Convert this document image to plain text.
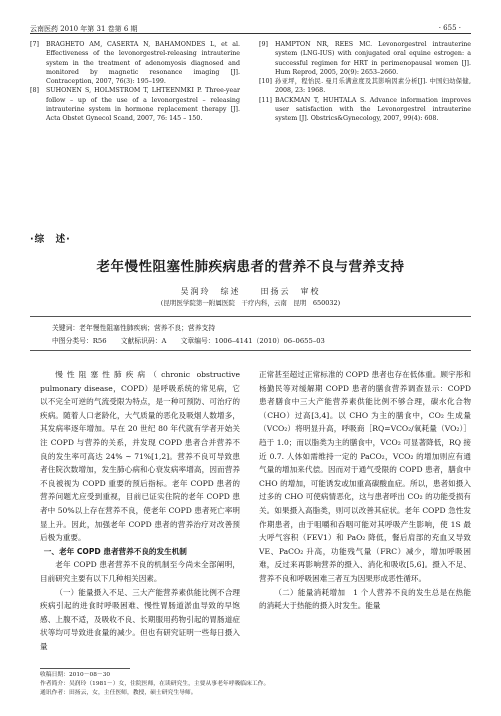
云南医药 2010 年第 31 卷第 6 期	· 655 ·
[7]	BRAGHETO AM, CASERTA N, BAHAMONDES L, et al. Effectiveness of the levonorgestrel-releasing intrauterine system in the treatment of adenomyosis diagnosed and monitored by magnetic resonance imaging [J]. Contraception, 2007, 76(3): 195–199.
[8]	SUHONEN S, HOLMSTROM T, LHTEENMKI P. Three-year follow – up of the use of a levonorgestrel – releasing intrauterine system in hormone replacement therapy [J]. Acta Obstet Gynecol Scand, 2007, 76: 145 – 150.
[9]	HAMPTON NR, REES MC. Levonorgestrel intrauterine system (LNG-IUS) with conjugated oral equine estrogen: a successful regimen for HRT in perimenopausal women [J]. Hum Reprod, 2005, 20(9): 2653–2660.
[10] 孙亚坪，程怡民. 曼月乐满意度及其影响因素分析[J]. 中国妇幼保健, 2008, 23: 1968.
[11] BACKMAN T, HUHTALA S. Advance information improves user satisfaction with the Levonorgestrel intrauterine system [J]. Obstrics&Gynecology, 2007, 99(4): 608.
·综　述·
老年慢性阻塞性肺疾病患者的营养不良与营养支持
吴润玲　综述　　田扬云　审校
(昆明医学院第一附属医院　干疗内科，云南　昆明　650032)
关键词：老年慢性阻塞性肺疾病；营养不良；营养支持
中图分类号：R56 文献标识码：A 文章编号：1006–4141（2010）06–0655–03

慢性阻塞性肺疾病（chronic obstructive pulmonary disease，COPD）是呼吸系统的常见病，它以不完全可逆的气流受限为特点，是一种可预防、可治疗的疾病。随着人口老龄化，大气质量的恶化及吸烟人数增多，其发病率逐年增加。早在 20 世纪 80 年代就有学者开始关注 COPD 与营养的关系，并发现 COPD 患者合并营养不良的发生率可高达 24% ~ 71%[1,2]。营养不良可导致患者住院次数增加，发生肺心病和心衰发病率增高，因而营养不良被视为 COPD 重要的预后指标。老年 COPD 患者的营养问题尤应受到重视，目前已证实住院的老年 COPD 患者中 50%以上存在营养不良，使老年 COPD 患者死亡率明显上升。因此，加强老年 COPD 患者的营养治疗对改善预后极为重要。

一、老年 COPD 患者营养不良的发生机制

老年 COPD 患者营养不良的机制至今尚未全部阐明，目前研究主要有以下几种相关因素。

（一）能量摄入不足、三大产能营养素供能比例不合理　疾病引起的进食时呼吸困难、慢性胃肠道淤血导致的早饱感、上腹不适，及吸收不良、长期服用药物引起的胃肠道症状等均可导致进食量的减少。但也有研究证明一些每日摄入量

正常甚至超过正常标准的 COPD 患者也存在低体重。顾宇彤和杨勤民等对缓解期 COPD 患者的膳食营养调查显示：COPD 患者膳食中三大产能营养素供能比例不够合理，碳水化合物（CHO）过高[3,4]。以 CHO 为主的膳食中，CO₂ 生成量（VCO₂）将明显升高，呼吸商［RQ=VCO₂/氧耗量（VO₂）］趋于 1.0；而以脂类为主的膳食中，VCO₂ 可显著降低，RQ 接近 0.7. 人体如需维持一定的 PaCO₂，VCO₂ 的增加则应有通气量的增加来代偿。因而对于通气受限的 COPD 患者，膳食中 CHO 的增加，可能诱发或加重高碳酸血症。所以，患者如摄入过多的 CHO 可使病情恶化，这与患者呼出 CO₂ 的功能受损有关。如果摄入高脂类，则可以改善其症状。老年 COPD 急性发作期患者，由于咀嚼和吞咽可能对其呼吸产生影响，使 1S 最大呼气容积（FEV1）和 PaO₂ 降低，餐后肩部的充血又导致 VE、PaCO₂ 升高，功能残气量（FRC）减少，增加呼吸困难，反过来再影响营养的摄入、消化和吸收[5,6]。摄入不足、营养不良和呼吸困难三者互为因果形成恶性循环。

（二）能量消耗增加　1 个人营养不良的发生总是在热能的消耗大于热能的摄入时发生。能量

收稿日期：2010－08－30
作者简介：吴润玲（1981－）女，住院医师，在读研究生，主要从事老年呼吸临床工作。
通讯作者：田扬云，女，主任医师，教授，硕士研究生导师。
